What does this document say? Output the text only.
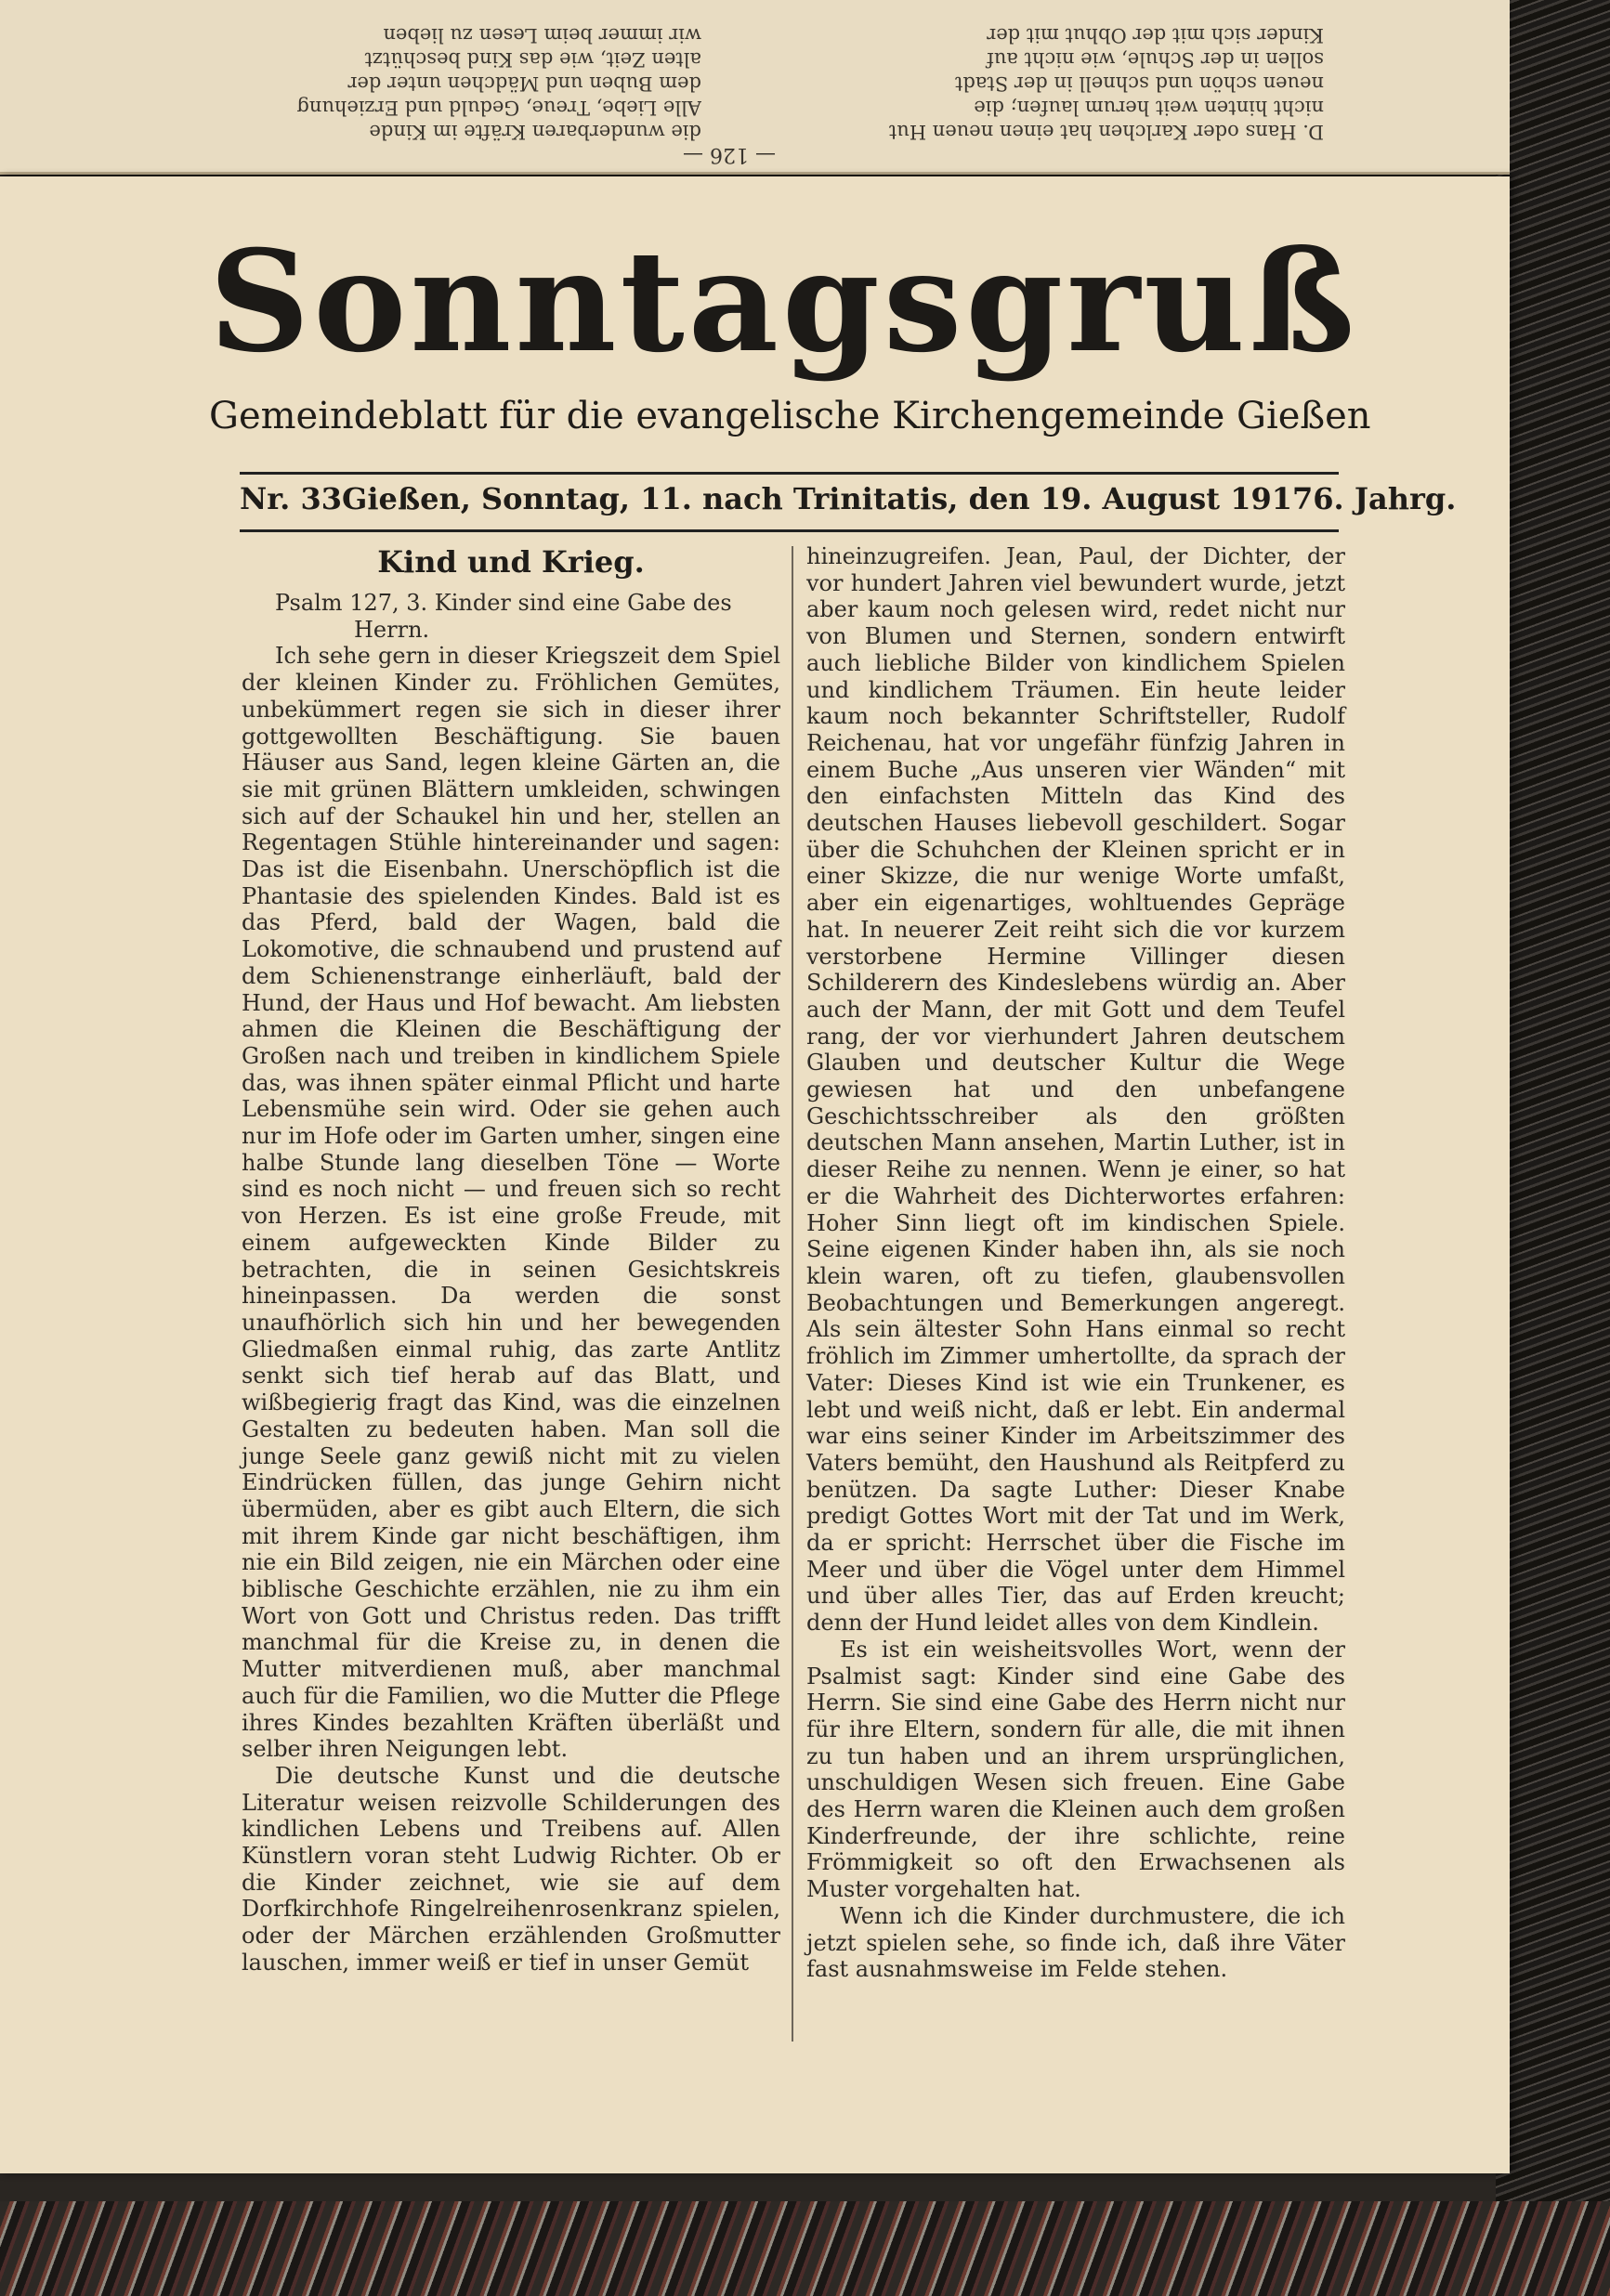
— 126 —
D. Hans oder Karlchen hat einen neuen Hut
nicht hinten weit herum laufen; die
neuen schön und schnell in der Stadt
sollen in der Schule, wie nicht auf
Kinder sich mit der Obhut mit der
die wunderbaren Kräfte im Kinde
Alle Liebe, Treue, Geduld und Erziehung
dem Buben und Mädchen unter der
alten Zeit, wie das Kind beschützt
wir immer beim Lesen zu lieben
Sonntagsgruß
Gemeindeblatt für die evangelische Kirchengemeinde Gießen
Nr. 33 Gießen, Sonntag, 11. nach Trinitatis, den 19. August 1917 6. Jahrg.
Kind und Krieg.

Psalm 127, 3. Kinder sind eine Gabe des
Herrn.

Ich sehe gern in dieser Kriegszeit dem Spiel der kleinen Kinder zu. Fröhlichen Gemütes, unbekümmert regen sie sich in dieser ihrer gottgewollten Beschäftigung. Sie bauen Häuser aus Sand, legen kleine Gärten an, die sie mit grünen Blättern umkleiden, schwingen sich auf der Schaukel hin und her, stellen an Regentagen Stühle hintereinander und sagen: Das ist die Eisenbahn. Unerschöpflich ist die Phantasie des spielenden Kindes. Bald ist es das Pferd, bald der Wagen, bald die Lokomotive, die schnaubend und prustend auf dem Schienenstrange einherläuft, bald der Hund, der Haus und Hof bewacht. Am liebsten ahmen die Kleinen die Beschäftigung der Großen nach und treiben in kindlichem Spiele das, was ihnen später einmal Pflicht und harte Lebensmühe sein wird. Oder sie gehen auch nur im Hofe oder im Garten umher, singen eine halbe Stunde lang dieselben Töne — Worte sind es noch nicht — und freuen sich so recht von Herzen. Es ist eine große Freude, mit einem aufgeweckten Kinde Bilder zu betrachten, die in seinen Gesichtskreis hineinpassen. Da werden die sonst unaufhörlich sich hin und her bewegenden Gliedmaßen einmal ruhig, das zarte Antlitz senkt sich tief herab auf das Blatt, und wißbegierig fragt das Kind, was die einzelnen Gestalten zu bedeuten haben. Man soll die junge Seele ganz gewiß nicht mit zu vielen Eindrücken füllen, das junge Gehirn nicht übermüden, aber es gibt auch Eltern, die sich mit ihrem Kinde gar nicht beschäftigen, ihm nie ein Bild zeigen, nie ein Märchen oder eine biblische Geschichte erzählen, nie zu ihm ein Wort von Gott und Christus reden. Das trifft manchmal für die Kreise zu, in denen die Mutter mitverdienen muß, aber manchmal auch für die Familien, wo die Mutter die Pflege ihres Kindes bezahlten Kräften überläßt und selber ihren Neigungen lebt.

Die deutsche Kunst und die deutsche Literatur weisen reizvolle Schilderungen des kindlichen Lebens und Treibens auf. Allen Künstlern voran steht Ludwig Richter. Ob er die Kinder zeichnet, wie sie auf dem Dorfkirchhofe Ringelreihenrosenkranz spielen, oder der Märchen erzählenden Großmutter lauschen, immer weiß er tief in unser Gemüt

hineinzugreifen. Jean, Paul, der Dichter, der vor hundert Jahren viel bewundert wurde, jetzt aber kaum noch gelesen wird, redet nicht nur von Blumen und Sternen, sondern entwirft auch liebliche Bilder von kindlichem Spielen und kindlichem Träumen. Ein heute leider kaum noch bekannter Schriftsteller, Rudolf Reichenau, hat vor ungefähr fünfzig Jahren in einem Buche „Aus unseren vier Wänden“ mit den einfachsten Mitteln das Kind des deutschen Hauses liebevoll geschildert. Sogar über die Schuhchen der Kleinen spricht er in einer Skizze, die nur wenige Worte umfaßt, aber ein eigenartiges, wohltuendes Gepräge hat. In neuerer Zeit reiht sich die vor kurzem verstorbene Hermine Villinger diesen Schilderern des Kindeslebens würdig an. Aber auch der Mann, der mit Gott und dem Teufel rang, der vor vierhundert Jahren deutschem Glauben und deutscher Kultur die Wege gewiesen hat und den unbefangene Geschichtsschreiber als den größten deutschen Mann ansehen, Martin Luther, ist in dieser Reihe zu nennen. Wenn je einer, so hat er die Wahrheit des Dichterwortes erfahren: Hoher Sinn liegt oft im kindischen Spiele. Seine eigenen Kinder haben ihn, als sie noch klein waren, oft zu tiefen, glaubensvollen Beobachtungen und Bemerkungen angeregt. Als sein ältester Sohn Hans einmal so recht fröhlich im Zimmer umhertollte, da sprach der Vater: Dieses Kind ist wie ein Trunkener, es lebt und weiß nicht, daß er lebt. Ein andermal war eins seiner Kinder im Arbeitszimmer des Vaters bemüht, den Haushund als Reitpferd zu benützen. Da sagte Luther: Dieser Knabe predigt Gottes Wort mit der Tat und im Werk, da er spricht: Herrschet über die Fische im Meer und über die Vögel unter dem Himmel und über alles Tier, das auf Erden kreucht; denn der Hund leidet alles von dem Kindlein.

Es ist ein weisheitsvolles Wort, wenn der Psalmist sagt: Kinder sind eine Gabe des Herrn. Sie sind eine Gabe des Herrn nicht nur für ihre Eltern, sondern für alle, die mit ihnen zu tun haben und an ihrem ursprünglichen, unschuldigen Wesen sich freuen. Eine Gabe des Herrn waren die Kleinen auch dem großen Kinderfreunde, der ihre schlichte, reine Frömmigkeit so oft den Erwachsenen als Muster vorgehalten hat.

Wenn ich die Kinder durchmustere, die ich jetzt spielen sehe, so finde ich, daß ihre Väter fast ausnahmsweise im Felde stehen.
